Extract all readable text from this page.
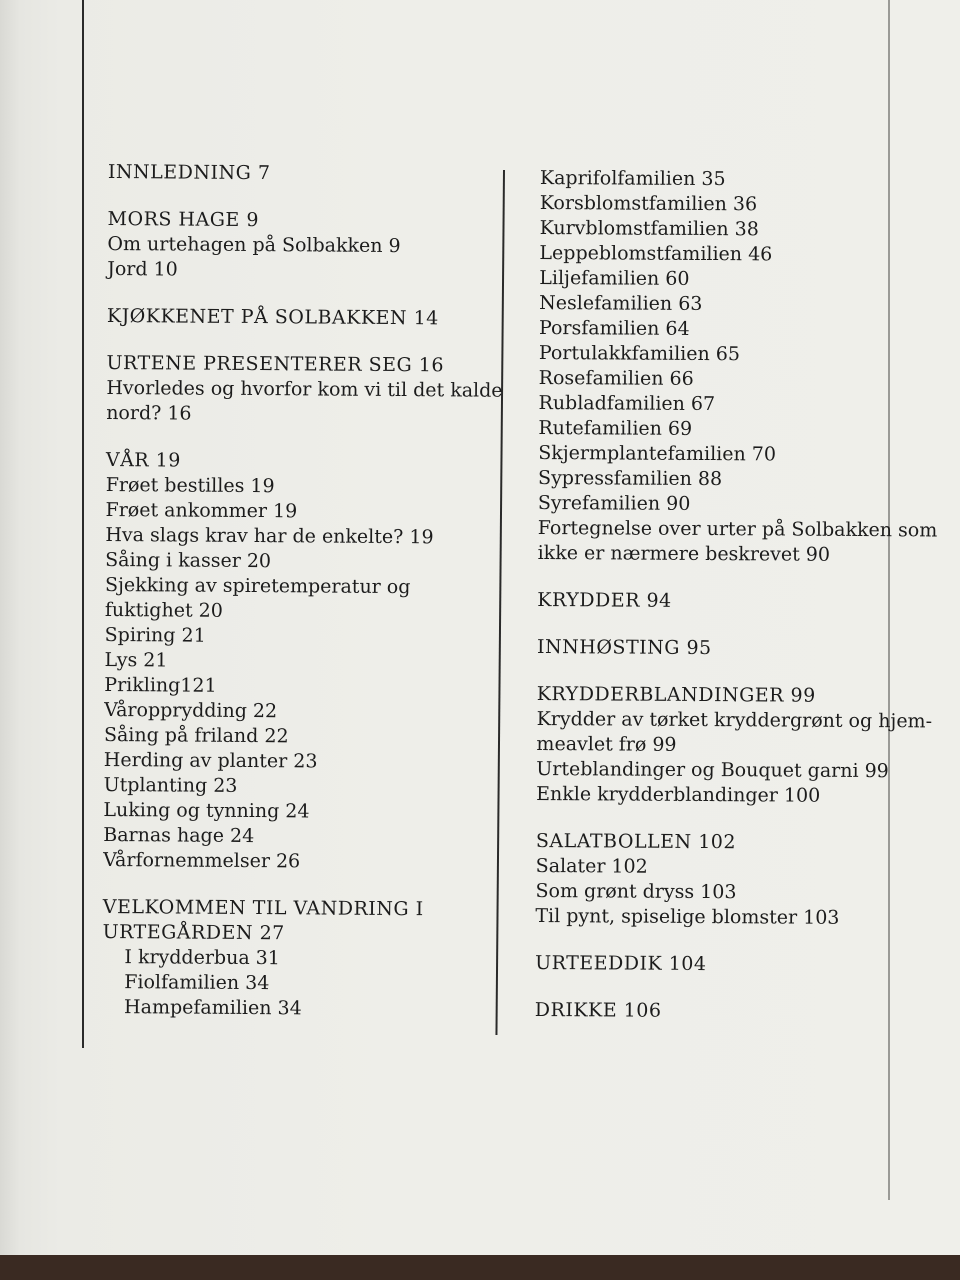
INNLEDNING 7
MORS HAGE 9
Om urtehagen på Solbakken 9
Jord 10
KJØKKENET PÅ SOLBAKKEN 14
URTENE PRESENTERER SEG 16
Hvorledes og hvorfor kom vi til det kalde
nord? 16
VÅR 19
Frøet bestilles 19
Frøet ankommer 19
Hva slags krav har de enkelte? 19
Såing i kasser 20
Sjekking av spiretemperatur og
fuktighet 20
Spiring 21
Lys 21
Prikling121
Våropprydding 22
Såing på friland 22
Herding av planter 23
Utplanting 23
Luking og tynning 24
Barnas hage 24
Vårfornemmelser 26
VELKOMMEN TIL VANDRING I
URTEGÅRDEN 27
I krydderbua 31
Fiolfamilien 34
Hampefamilien 34
Kaprifolfamilien 35
Korsblomstfamilien 36
Kurvblomstfamilien 38
Leppeblomstfamilien 46
Liljefamilien 60
Neslefamilien 63
Porsfamilien 64
Portulakkfamilien 65
Rosefamilien 66
Rubladfamilien 67
Rutefamilien 69
Skjermplantefamilien 70
Sypressfamilien 88
Syrefamilien 90
Fortegnelse over urter på Solbakken som
ikke er nærmere beskrevet 90
KRYDDER 94
INNHØSTING 95
KRYDDERBLANDINGER 99
Krydder av tørket kryddergrønt og hjem-
meavlet frø 99
Urteblandinger og Bouquet garni 99
Enkle krydderblandinger 100
SALATBOLLEN 102
Salater 102
Som grønt dryss 103
Til pynt, spiselige blomster 103
URTEEDDIK 104
DRIKKE 106
